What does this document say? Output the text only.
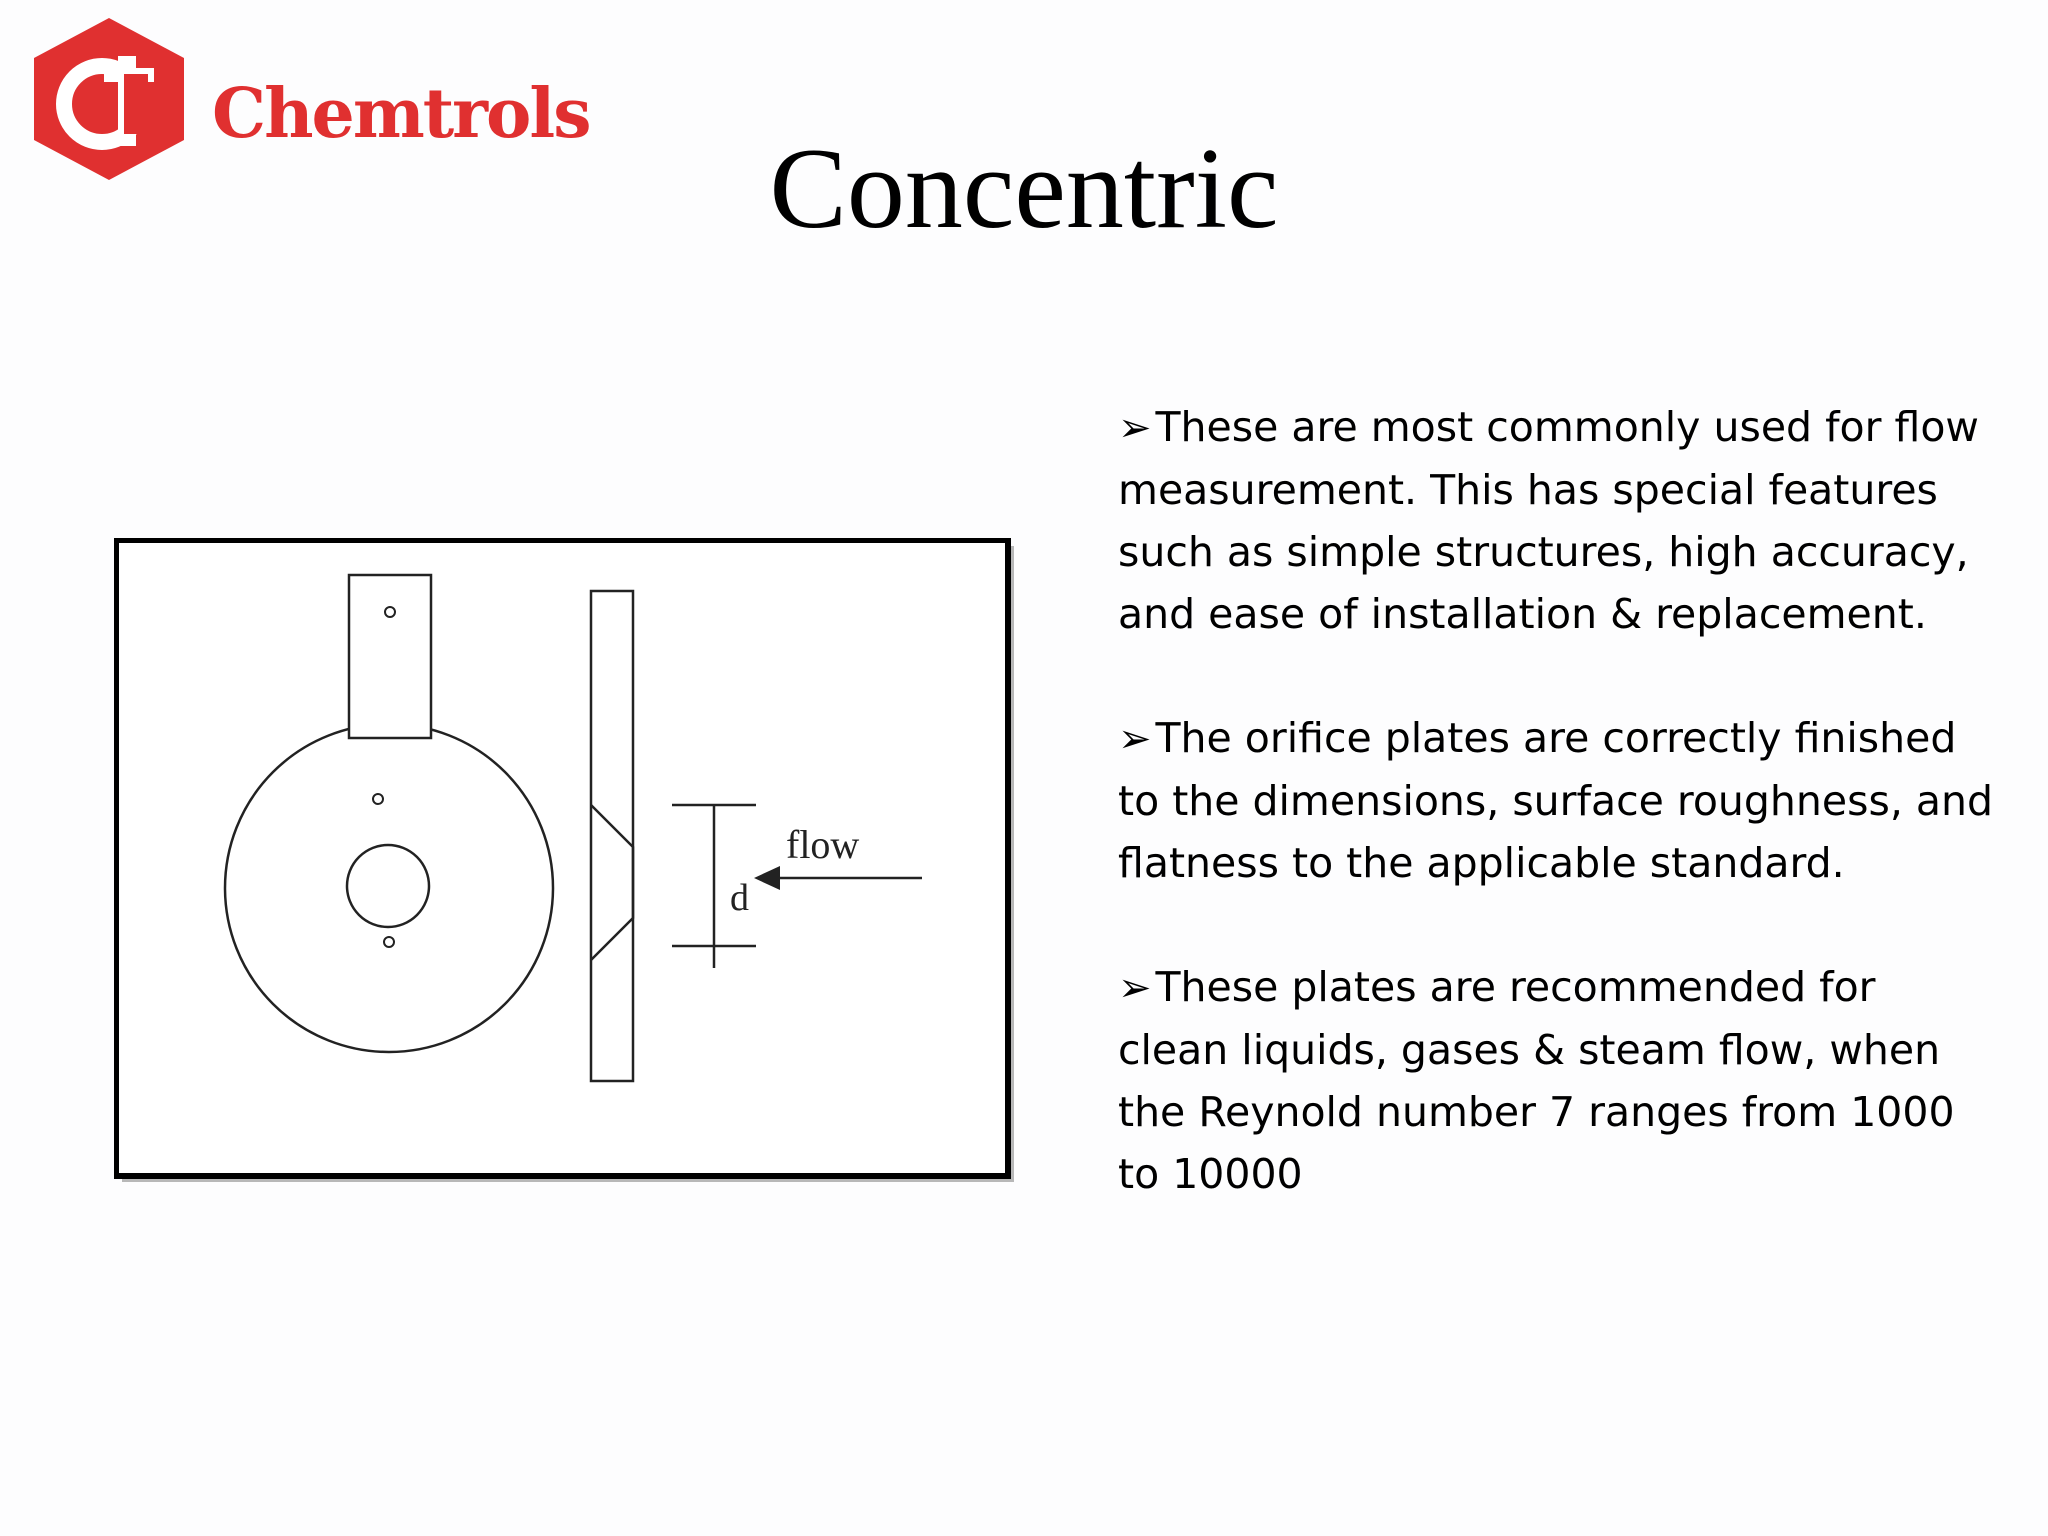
Chemtrols
Concentric
d
flow
➢These are most commonly used for flow measurement. This has special features such as simple structures, high accuracy, and ease of installation & replacement.
➢The orifice plates are correctly finished to the dimensions, surface roughness, and flatness to the applicable standard.
➢These plates are recommended for clean liquids, gases & steam flow, when the Reynold number 7 ranges from 1000 to 10000
